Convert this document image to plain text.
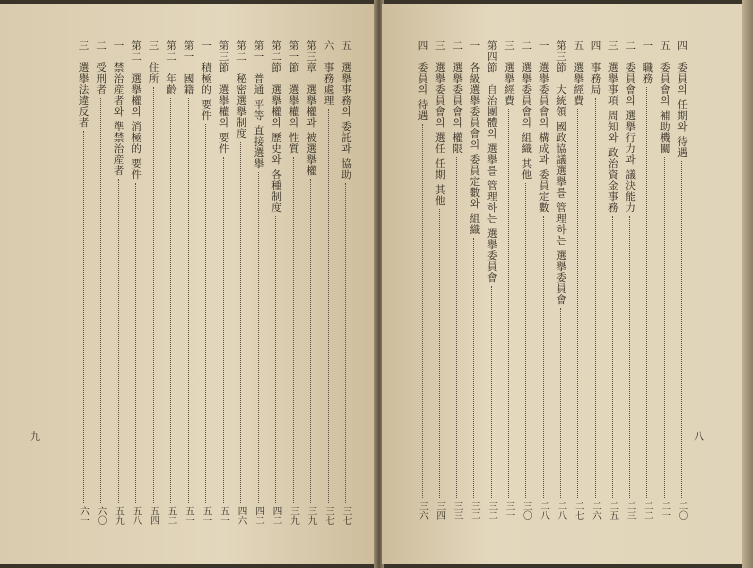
八
九
四　委員의 任期와 待遇
二〇
五　委員會의 補助機關
二一
一　職務
二二
二　委員會의 選擧行力과 議決能力
二三
三　選擧事項 周知와 政治資金事務
二五
四　事務局
二六
五　選擧經費
二七
第三節　大統領 國政協議選擧를 管理하는 選擧委員會
二八
一　選擧委員會의 構成과 委員定數
二八
二　選擧委員會의 組織 其他
三〇
三　選擧經費
三一
第四節　自治團體의 選擧를 管理하는 選擧委員會
三二
一　各級選擧委員會의 委員定數와 組織
三二
二　選擧委員會의 權限
三三
三　選擧委員會의 選任 任期 其他
三四
四　委員의 待遇
三六
五　選擧事務의 委託과 協助
三七
六　事務處理
三七
第三章　選擧權과 被選擧權
三九
第一節　選擧權의 性質
三九
第二節　選擧權의 歷史와 各種制度
四二
第一　普通 平等 直接選擧
四二
第二　秘密選擧制度
四六
第三節　選擧權의 要件
五一
一　積極的 要件
五一
第一　國籍
五一
第二　年齡
五二
三　住所
五四
第二　選擧權의 消極的 要件
五八
一　禁治産者와 準禁治産者
五九
二　受刑者
六〇
三　選擧法違反者
六一
